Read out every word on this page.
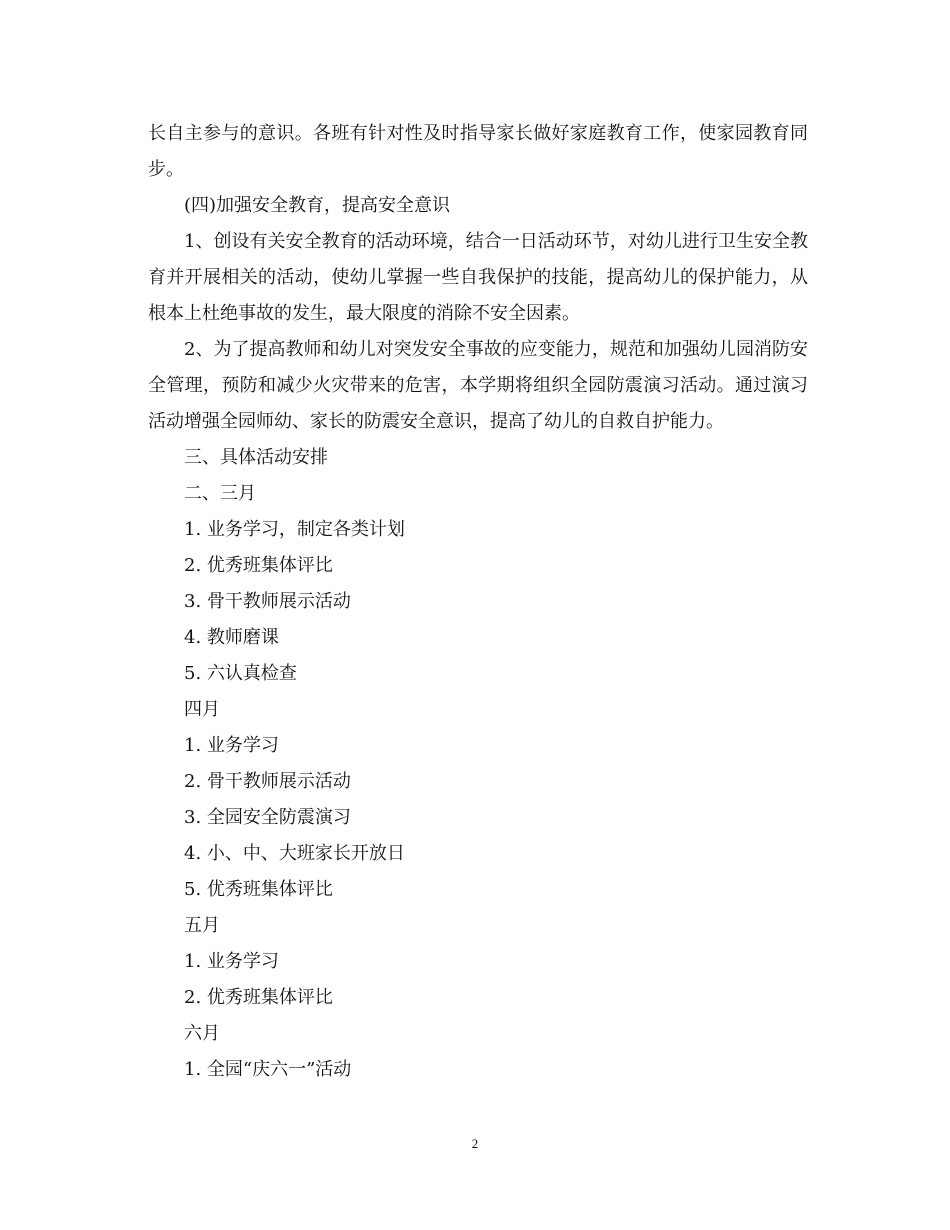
长自主参与的意识。各班有针对性及时指导家长做好家庭教育工作，使家园教育同步。

(四)加强安全教育，提高安全意识

1、创设有关安全教育的活动环境，结合一日活动环节，对幼儿进行卫生安全教育并开展相关的活动，使幼儿掌握一些自我保护的技能，提高幼儿的保护能力，从根本上杜绝事故的发生，最大限度的消除不安全因素。

2、为了提高教师和幼儿对突发安全事故的应变能力，规范和加强幼儿园消防安全管理，预防和减少火灾带来的危害，本学期将组织全园防震演习活动。通过演习活动增强全园师幼、家长的防震安全意识，提高了幼儿的自救自护能力。

三、具体活动安排

二、三月

1. 业务学习，制定各类计划

2. 优秀班集体评比

3. 骨干教师展示活动

4. 教师磨课

5. 六认真检查

四月

1. 业务学习

2. 骨干教师展示活动

3. 全园安全防震演习

4. 小、中、大班家长开放日

5. 优秀班集体评比

五月

1. 业务学习

2. 优秀班集体评比

六月

1. 全园“庆六一”活动

2
